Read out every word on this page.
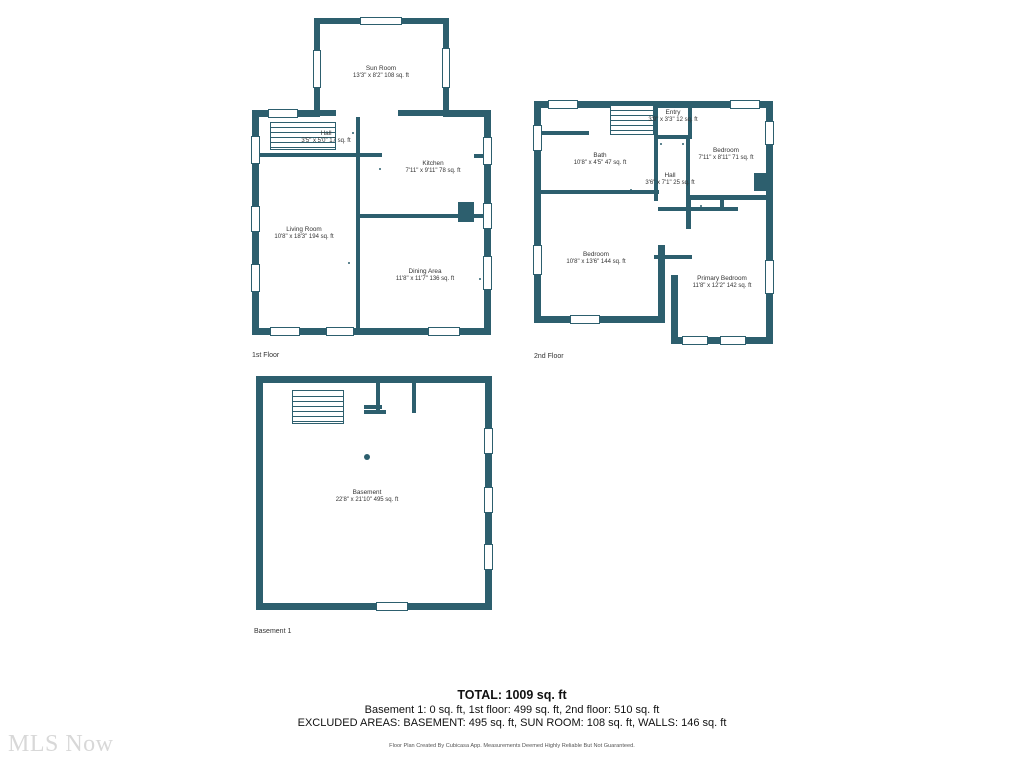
Sun Room
13'3" x 8'2" 108 sq. ft
Hall
3'5" x 5'0" 17 sq. ft
Kitchen
7'11" x 9'11" 78 sq. ft
Living Room
10'8" x 18'3" 194 sq. ft
Dining Area
11'8" x 11'7" 136 sq. ft
1st Floor
Entry
3'9" x 3'3" 12 sq. ft
Bedroom
7'11" x 8'11" 71 sq. ft
Bath
10'8" x 4'5" 47 sq. ft
Hall
3'6" x 7'1" 25 sq. ft
Bedroom
10'8" x 13'6" 144 sq. ft
Primary Bedroom
11'8" x 12'2" 142 sq. ft
2nd Floor
Basement
22'8" x 21'10" 495 sq. ft
Basement 1
TOTAL: 1009 sq. ft
Basement 1: 0 sq. ft, 1st floor: 499 sq. ft, 2nd floor: 510 sq. ft
EXCLUDED AREAS: BASEMENT: 495 sq. ft, SUN ROOM: 108 sq. ft, WALLS: 146 sq. ft
Floor Plan Created By Cubicasa App. Measurements Deemed Highly Reliable But Not Guaranteed.
MLS Now
